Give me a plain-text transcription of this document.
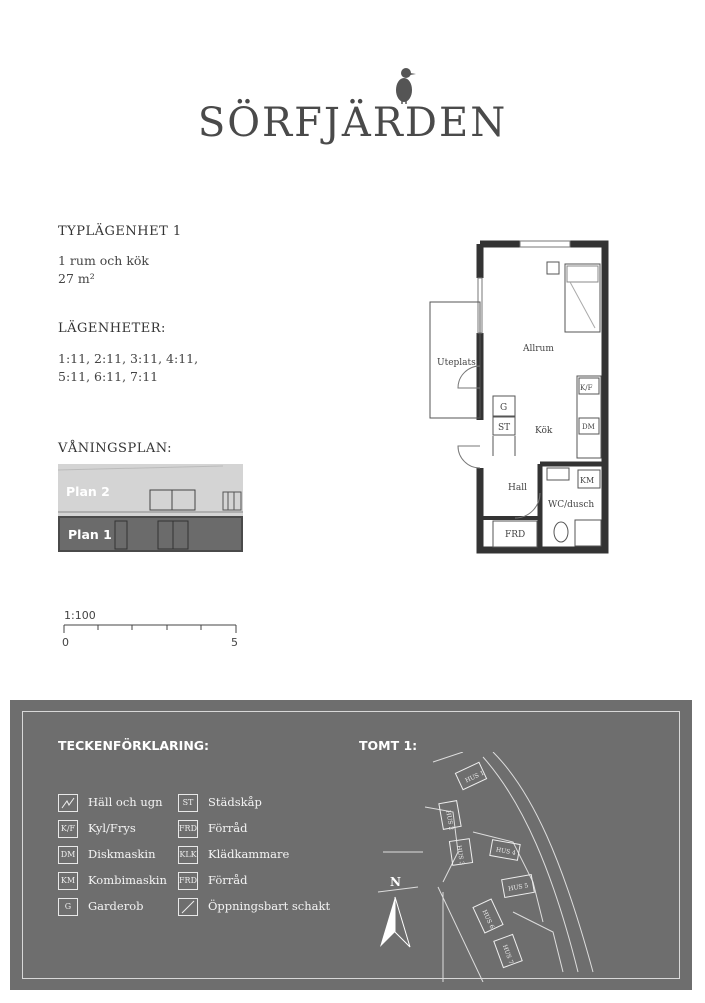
SÖRFJÄRDEN
TYPLÄGENHET 1
1 rum och kök
27 m²
LÄGENHETER:
1:11, 2:11, 3:11, 4:11,
5:11, 6:11, 7:11
VÅNINGSPLAN:
Plan 2
Plan 1
1:100
0	5
Uteplats
Allrum
K/F
DM
Kök
G
ST
Hall
KM
WC/dusch
FRD
TECKENFÖRKLARING:
Häll och ugn
K/F Kyl/Frys
DM Diskmaskin
KM Kombimaskin
G	Garderob
ST	Städskåp
FRD Förråd
KLK Klädkammare
FRD Förråd
Öppningsbart schakt
TOMT 1:
HUS 1
HUS 2
HUS 3	HUS 4
HUS 5
HUS 6
HUS 7
N
